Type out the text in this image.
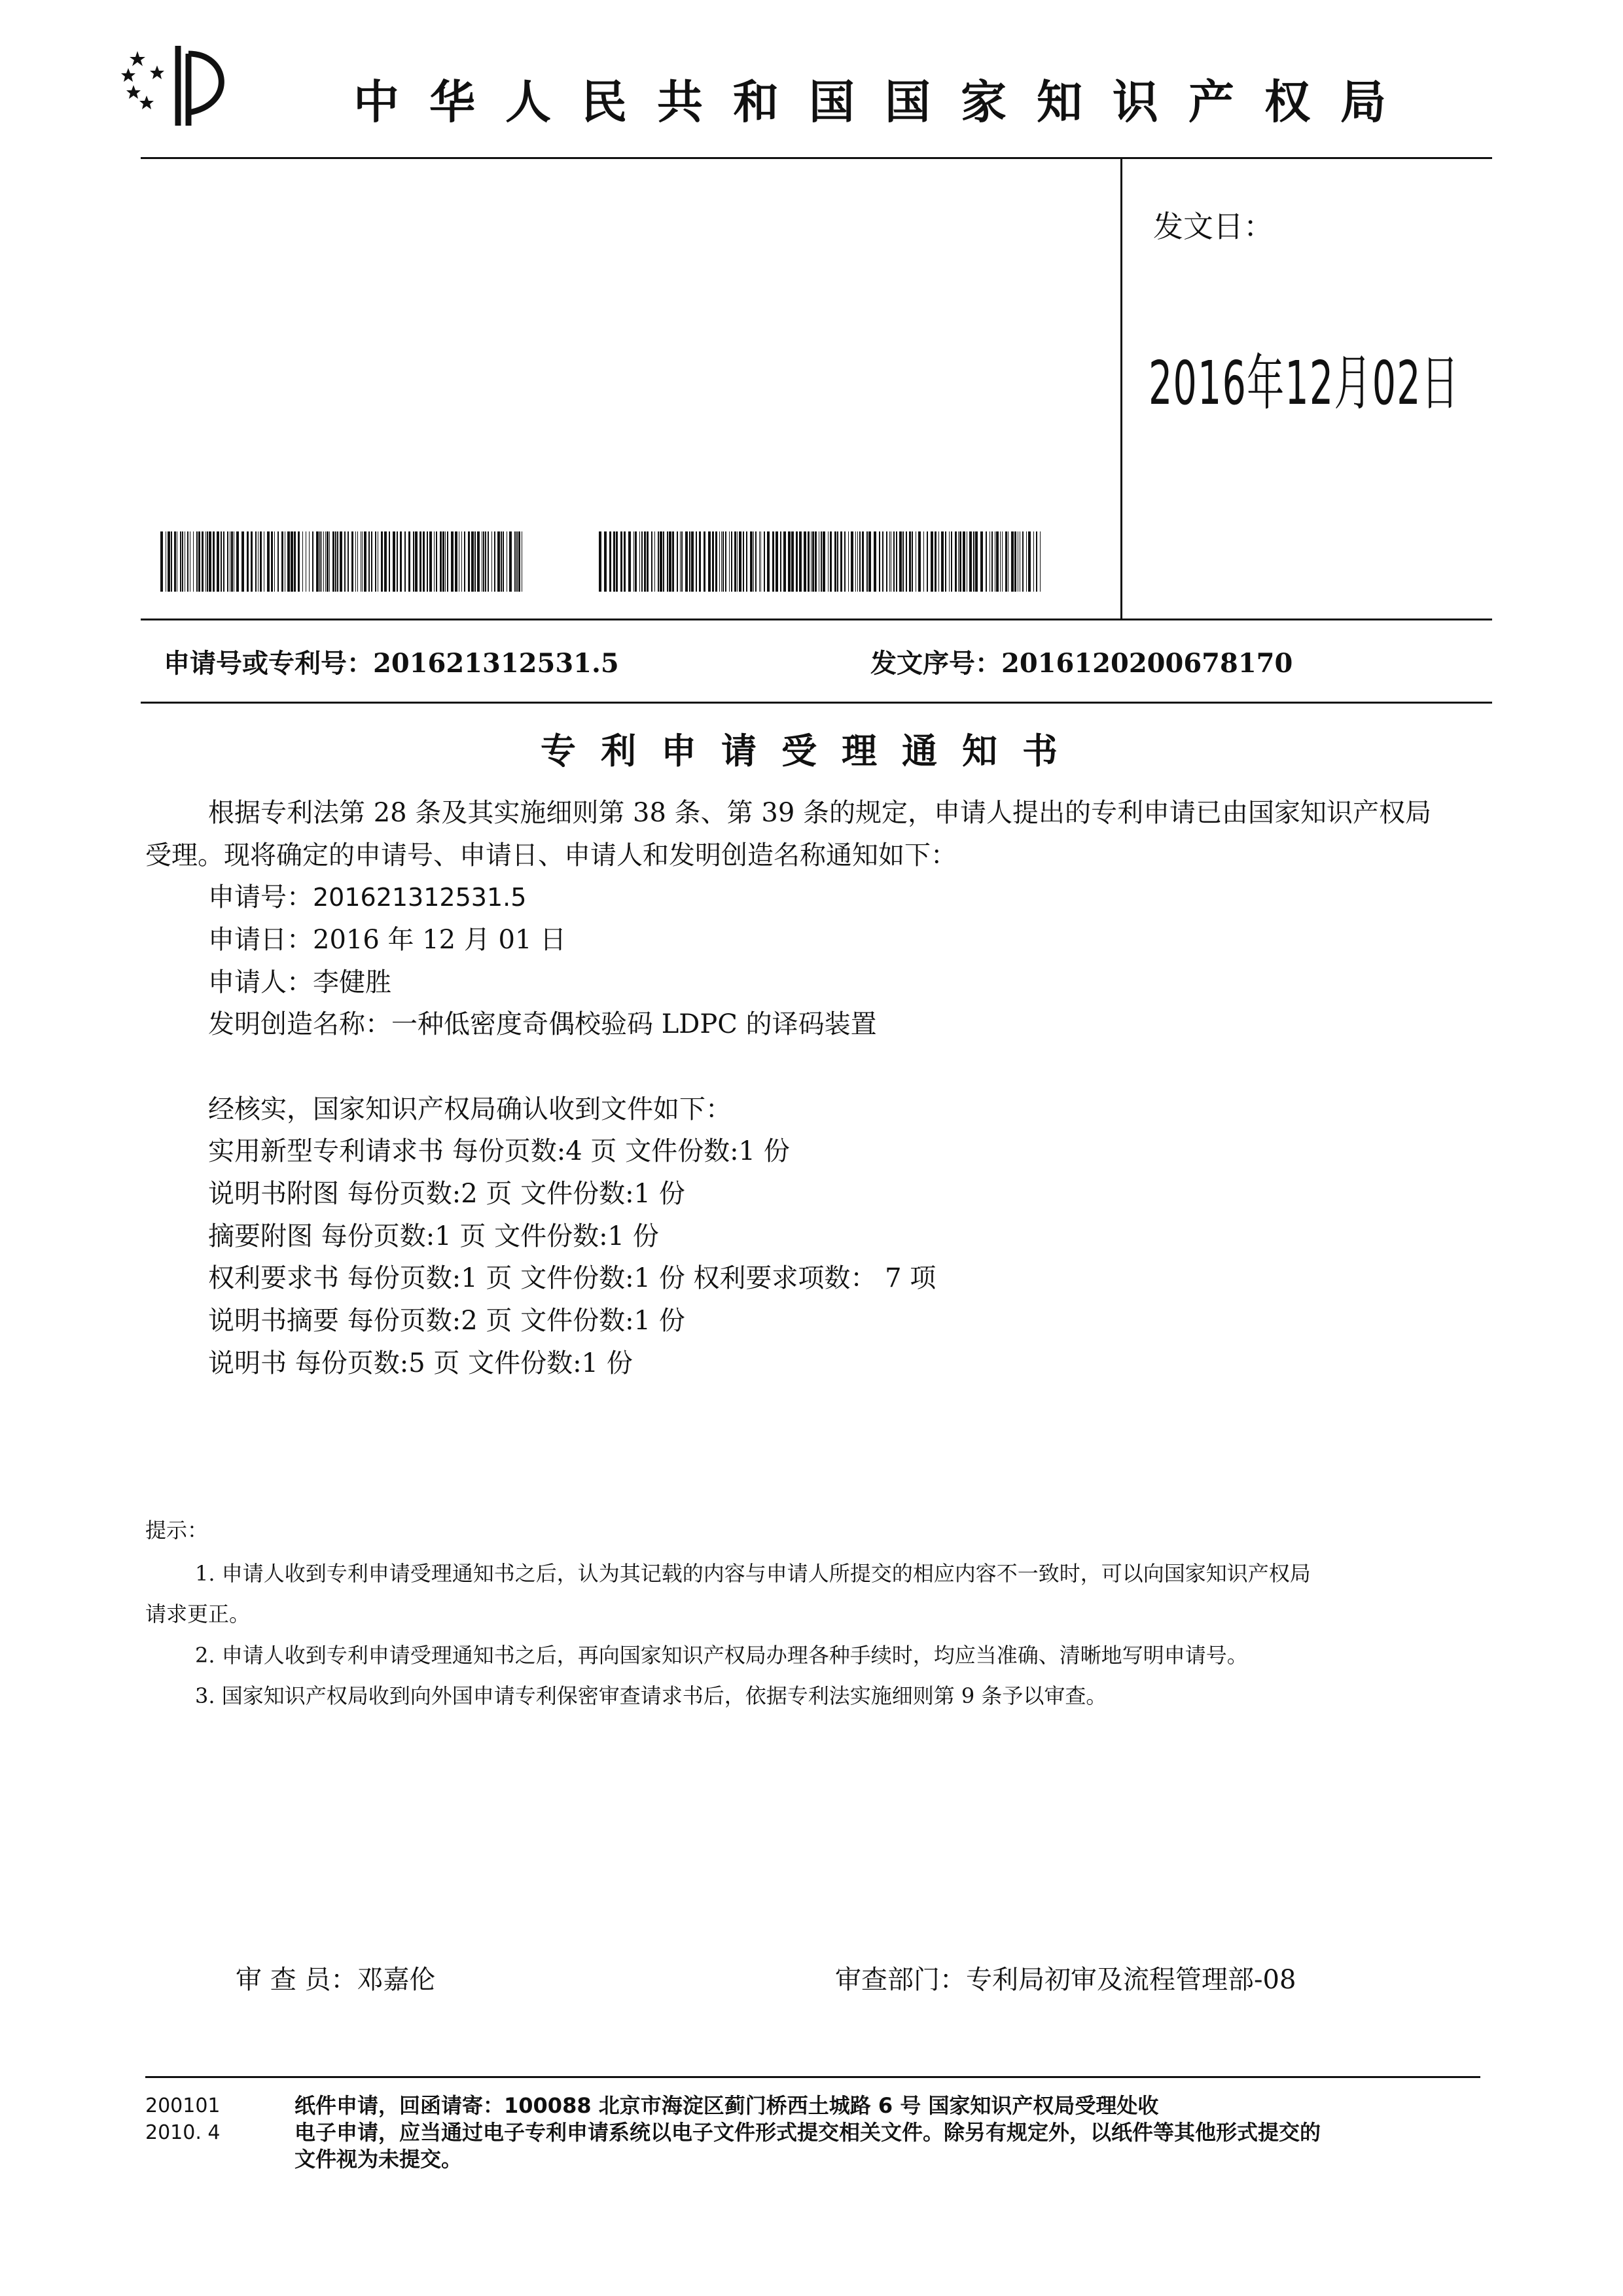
中华人民共和国国家知识产权局
发文日：
2016年12月02日
申请号或专利号：201621312531.5	发文序号：2016120200678170
专利申请受理通知书
根据专利法第 28 条及其实施细则第 38 条、第 39 条的规定，申请人提出的专利申请已由国家知识产权局
受理。现将确定的申请号、申请日、申请人和发明创造名称通知如下：
申请号：201621312531.5
申请日：2016 年 12 月 01 日
申请人：李健胜
发明创造名称：一种低密度奇偶校验码 LDPC 的译码装置
经核实，国家知识产权局确认收到文件如下：
实用新型专利请求书 每份页数:4 页 文件份数:1 份
说明书附图 每份页数:2 页 文件份数:1 份
摘要附图 每份页数:1 页 文件份数:1 份
权利要求书 每份页数:1 页 文件份数:1 份 权利要求项数： 7 项
说明书摘要 每份页数:2 页 文件份数:1 份
说明书 每份页数:5 页 文件份数:1 份
提示：
1. 申请人收到专利申请受理通知书之后，认为其记载的内容与申请人所提交的相应内容不一致时，可以向国家知识产权局
请求更正。
2. 申请人收到专利申请受理通知书之后，再向国家知识产权局办理各种手续时，均应当准确、清晰地写明申请号。
3. 国家知识产权局收到向外国申请专利保密审查请求书后，依据专利法实施细则第 9 条予以审查。
审 查 员：邓嘉伦	审查部门：专利局初审及流程管理部-08
200101
2010. 4
纸件申请，回函请寄：100088 北京市海淀区蓟门桥西土城路 6 号 国家知识产权局受理处收
电子申请，应当通过电子专利申请系统以电子文件形式提交相关文件。除另有规定外，以纸件等其他形式提交的
文件视为未提交。
